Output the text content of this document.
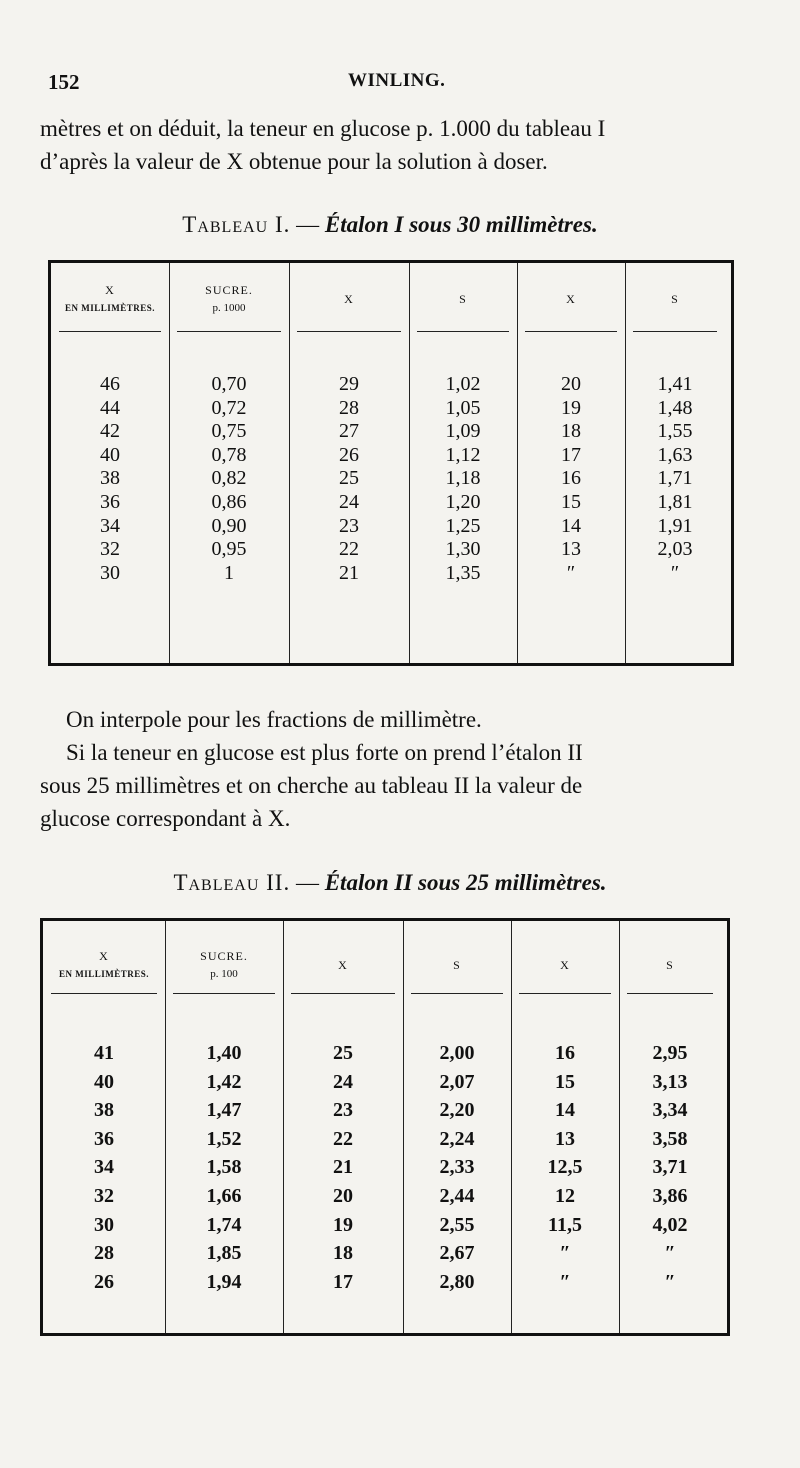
152	WINLING.
mètres et on déduit, la teneur en glucose p. 1.000 du tableau I
d’après la valeur de X obtenue pour la solution à doser.
Tableau I. — Étalon I sous 30 millimètres.
X
EN MILLIMÈTRES.
46
44
42
40
38
36
34
32
30
SUCRE.
p. 1000
0,70
0,72
0,75
0,78
0,82
0,86
0,90
0,95
1
X
29
28
27
26
25
24
23
22
21
S
1,02
1,05
1,09
1,12
1,18
1,20
1,25
1,30
1,35
X
20
19
18
17
16
15
14
13
″
S
1,41
1,48
1,55
1,63
1,71
1,81
1,91
2,03
″
On interpole pour les fractions de millimètre.
Si la teneur en glucose est plus forte on prend l’étalon II
sous 25 millimètres et on cherche au tableau II la valeur de
glucose correspondant à X.
Tableau II. — Étalon II sous 25 millimètres.
X
EN MILLIMÈTRES.
41
40
38
36
34
32
30
28
26
SUCRE.
p. 100
1,40
1,42
1,47
1,52
1,58
1,66
1,74
1,85
1,94
X
25
24
23
22
21
20
19
18
17
S
2,00
2,07
2,20
2,24
2,33
2,44
2,55
2,67
2,80
X
16
15
14
13
12,5
12
11,5
″
″
S
2,95
3,13
3,34
3,58
3,71
3,86
4,02
″
″
